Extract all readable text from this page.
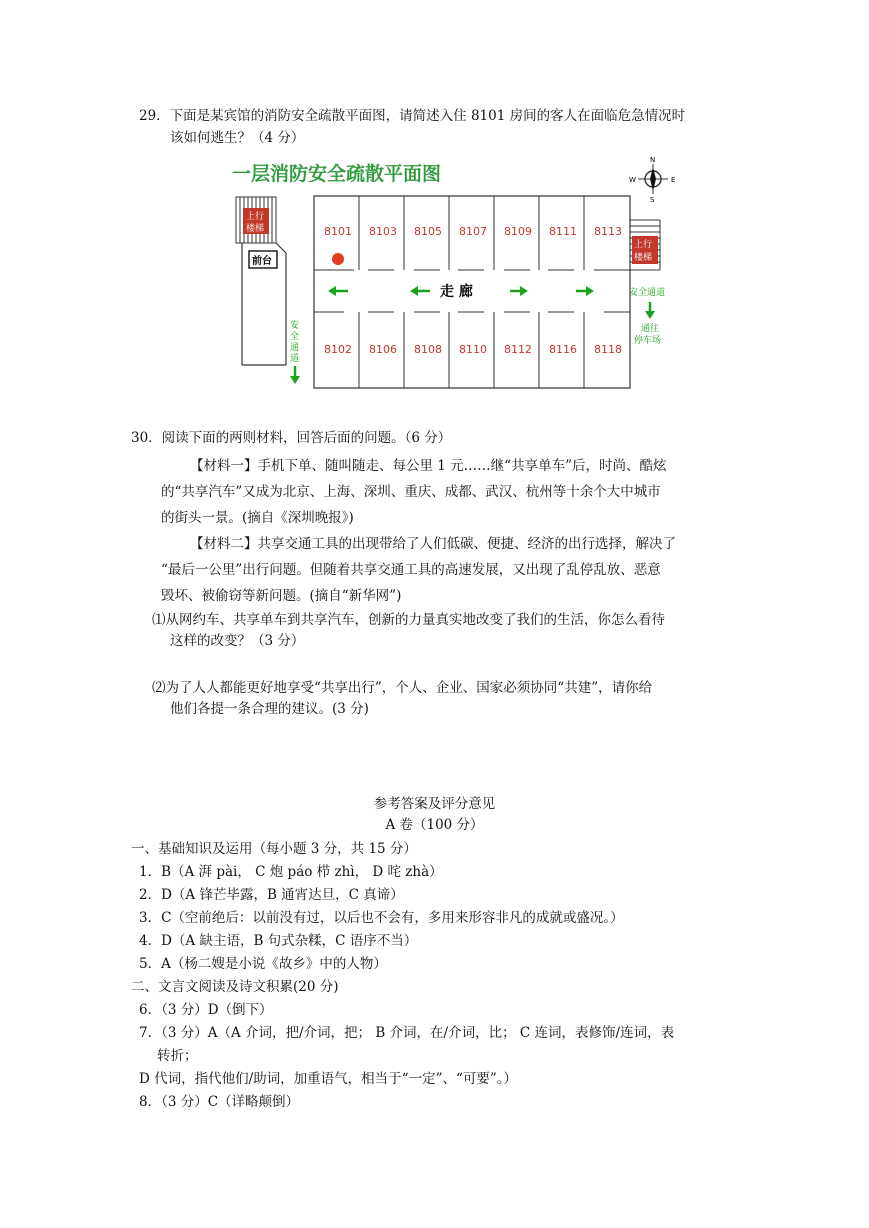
29．下面是某宾馆的消防安全疏散平面图，请简述入住 8101 房间的客人在面临危急情况时
该如何逃生？（4 分）
一层消防安全疏散平面图
N
S
E
W
上行
楼梯
前台
安
全
通
道
8101 8103 8105 8107 8109 8111 8113
8102 8106 8108 8110 8112 8116 8118
走 廊
上行
楼梯
安全通道
通往
停车场
30．阅读下面的两则材料，回答后面的问题。（6 分）
【材料一】手机下单、随叫随走、每公里 1 元……继“共享单车”后，时尚、酷炫
的“共享汽车”又成为北京、上海、深圳、重庆、成都、武汉、杭州等十余个大中城市
的街头一景。(摘自《深圳晚报》)
【材料二】共享交通工具的出现带给了人们低碳、便捷、经济的出行选择，解决了
“最后一公里”出行问题。但随着共享交通工具的高速发展，又出现了乱停乱放、恶意
毁坏、被偷窃等新问题。(摘自“新华网”)
⑴从网约车、共享单车到共享汽车，创新的力量真实地改变了我们的生活，你怎么看待
这样的改变？（3 分）
⑵为了人人都能更好地享受“共享出行”，个人、企业、国家必须协同“共建”，请你给
他们各提一条合理的建议。(3 分)
参考答案及评分意见
A 卷（100 分）
一、基础知识及运用（每小题 3 分，共 15 分）
1．B（A 湃 pài， C 炮 páo 栉 zhì， D 咤 zhà）
2．D（A 锋芒毕露，B 通宵达旦，C 真谛）
3．C（空前绝后：以前没有过，以后也不会有，多用来形容非凡的成就或盛况。）
4．D（A 缺主语，B 句式杂糅，C 语序不当）
5．A（杨二嫂是小说《故乡》中的人物）
二、文言文阅读及诗文积累(20 分)
6．（3 分）D（倒下）
7．（3 分）A（A 介词，把/介词，把； B 介词，在/介词，比； C 连词，表修饰/连词，表
转折；
D 代词，指代他们/助词，加重语气，相当于“一定”、“可要”。）
8．（3 分）C（详略颠倒）
